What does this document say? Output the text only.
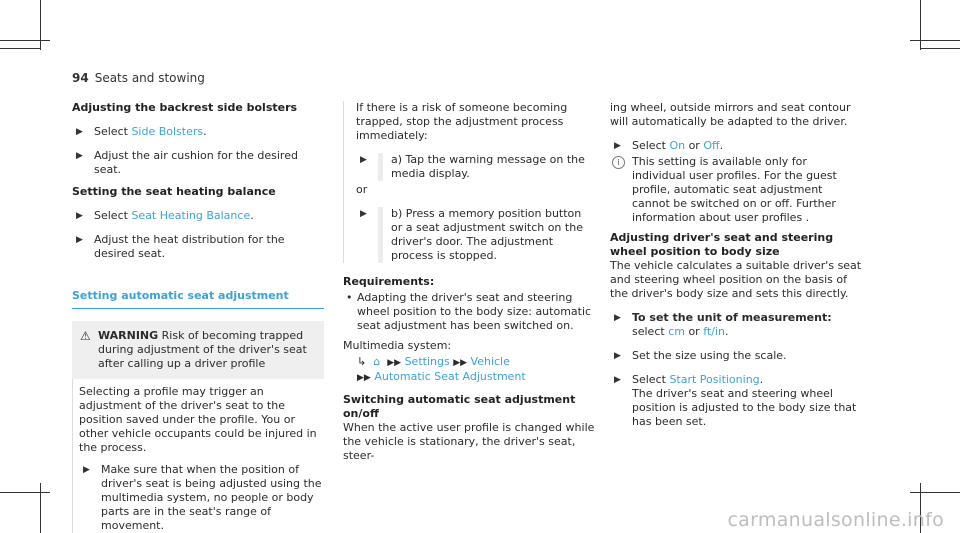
94 Seats and stowing
Adjusting the backrest side bolsters
▶ Select Side Bolsters.
▶ Adjust the air cushion for the desired seat.
Setting the seat heating balance
▶ Select Seat Heating Balance.
▶ Adjust the heat distribution for the desired seat.
Setting automatic seat adjustment
⚠ WARNING Risk of becoming trapped during adjustment of the driver's seat after calling up a driver profile
Selecting a profile may trigger an adjustment of the driver's seat to the position saved under the profile. You or other vehicle occupants could be injured in the process.
▶ Make sure that when the position of driver's seat is being adjusted using the multimedia system, no people or body parts are in the seat's range of movement.
If there is a risk of someone becoming trapped, stop the adjustment process immediately:
▶	a) Tap the warning message on the media display.
or
▶	b) Press a memory position button or a seat adjustment switch on the driver's door. The adjustment process is stopped.
Requirements:
• Adapting the driver's seat and steering wheel position to the body size: automatic seat adjustment has been switched on.
Multimedia system:
↳ ⌂ ▶▶ Settings ▶▶ Vehicle
▶▶ Automatic Seat Adjustment
Switching automatic seat adjustment on/off
When the active user profile is changed while the vehicle is stationary, the driver's seat, steer-
ing wheel, outside mirrors and seat contour will automatically be adapted to the driver.
▶ Select On or Off.
i	This setting is available only for individual user profiles. For the guest profile, automatic seat adjustment cannot be switched on or off. Further information about user profiles .
Adjusting driver's seat and steering wheel position to body size
The vehicle calculates a suitable driver's seat and steering wheel position on the basis of the driver's body size and sets this directly.
▶ To set the unit of measurement: select cm or ft/in.
▶ Set the size using the scale.
▶ Select Start Positioning.
The driver's seat and steering wheel position is adjusted to the body size that has been set.
carmanualsonline.info
